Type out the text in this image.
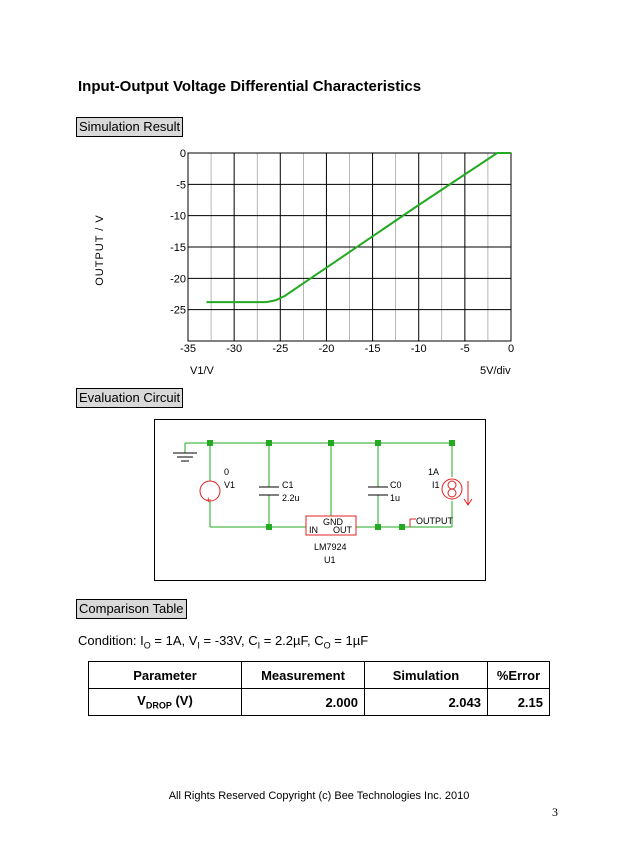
Input-Output Voltage Differential Characteristics
Simulation Result
OUTPUT / V
0
-5
-10
-15
-20
-25
-35	-30	-25	-20	-15	-10	-5	0
V1/V	5V/div
Evaluation Circuit
0
V1
+
C1
2.2u
C0
1u
1A
I1
GND
IN OUT
LM7924
U1
OUTPUT
Comparison Table
Condition: $I_O = 1A$, $V_I = -33V$, $C_I = 2.2\mu F$, $C_O = 1\mu F$
Parameter	Measurement	Simulation	%Error
$V_{DROP}$ (V)	2.000	2.043	2.15
All Rights Reserved Copyright (c) Bee Technologies Inc. 2010
3
